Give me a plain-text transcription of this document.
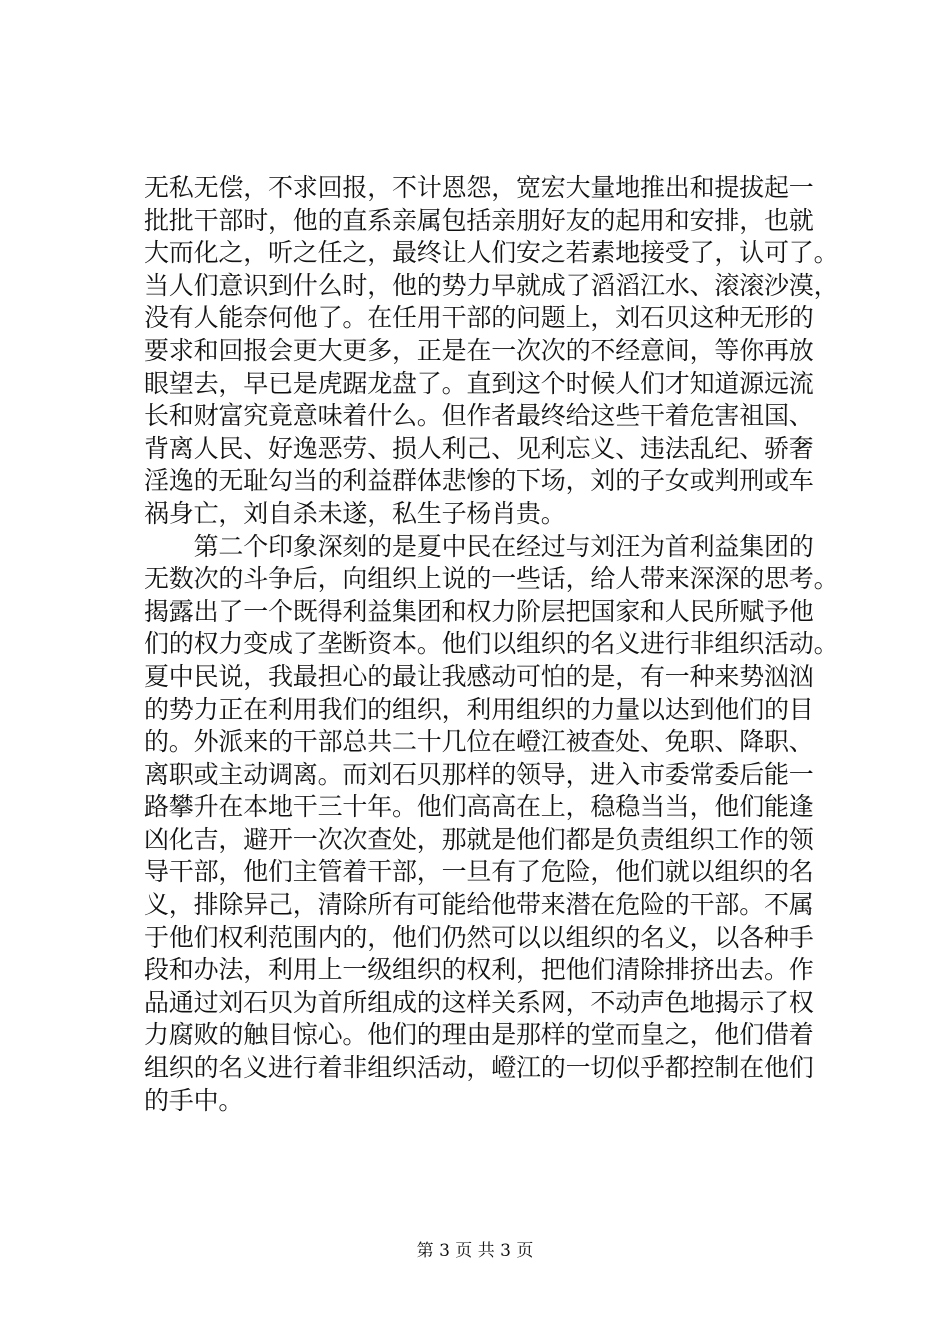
无私无偿，不求回报，不计恩怨，宽宏大量地推出和提拔起一
批批干部时，他的直系亲属包括亲朋好友的起用和安排，也就
大而化之，听之任之，最终让人们安之若素地接受了，认可了。
当人们意识到什么时，他的势力早就成了滔滔江水、滚滚沙漠，
没有人能奈何他了。在任用干部的问题上，刘石贝这种无形的
要求和回报会更大更多，正是在一次次的不经意间，等你再放
眼望去，早已是虎踞龙盘了。直到这个时候人们才知道源远流
长和财富究竟意味着什么。但作者最终给这些干着危害祖国、
背离人民、好逸恶劳、损人利己、见利忘义、违法乱纪、骄奢
淫逸的无耻勾当的利益群体悲惨的下场，刘的子女或判刑或车
祸身亡，刘自杀未遂，私生子杨肖贵。
　　第二个印象深刻的是夏中民在经过与刘汪为首利益集团的
无数次的斗争后，向组织上说的一些话，给人带来深深的思考。
揭露出了一个既得利益集团和权力阶层把国家和人民所赋予他
们的权力变成了垄断资本。他们以组织的名义进行非组织活动。
夏中民说，我最担心的最让我感动可怕的是，有一种来势汹汹
的势力正在利用我们的组织，利用组织的力量以达到他们的目
的。外派来的干部总共二十几位在嶝江被查处、免职、降职、
离职或主动调离。而刘石贝那样的领导，进入市委常委后能一
路攀升在本地干三十年。他们高高在上，稳稳当当，他们能逢
凶化吉，避开一次次查处，那就是他们都是负责组织工作的领
导干部，他们主管着干部，一旦有了危险，他们就以组织的名
义，排除异己，清除所有可能给他带来潜在危险的干部。不属
于他们权利范围内的，他们仍然可以以组织的名义，以各种手
段和办法，利用上一级组织的权利，把他们清除排挤出去。作
品通过刘石贝为首所组成的这样关系网，不动声色地揭示了权
力腐败的触目惊心。他们的理由是那样的堂而皇之，他们借着
组织的名义进行着非组织活动，嶝江的一切似乎都控制在他们
的手中。
第 3 页 共 3 页
